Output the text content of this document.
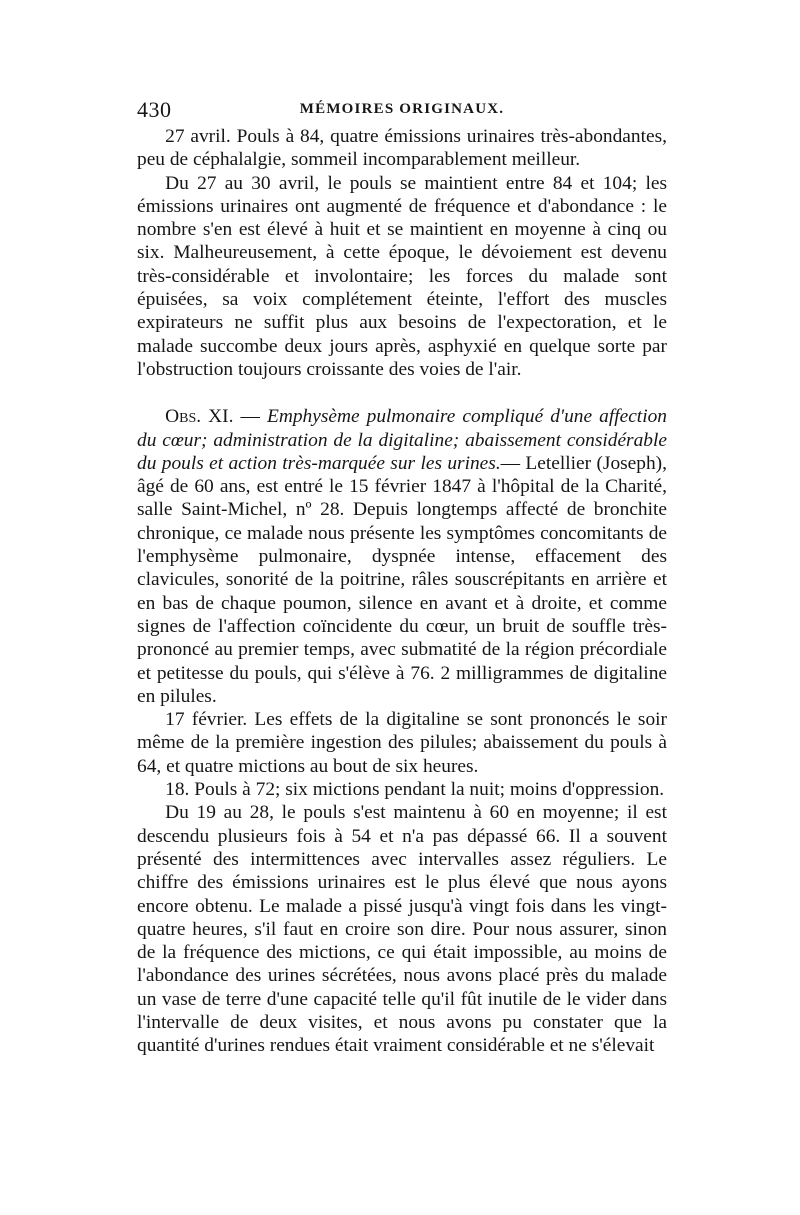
430	MÉMOIRES ORIGINAUX.

27 avril. Pouls à 84, quatre émissions urinaires très-abondantes, peu de céphalalgie, sommeil incomparablement meilleur.

Du 27 au 30 avril, le pouls se maintient entre 84 et 104; les émissions urinaires ont augmenté de fréquence et d'abondance : le nombre s'en est élevé à huit et se maintient en moyenne à cinq ou six. Malheureusement, à cette époque, le dévoiement est devenu très-considérable et involontaire; les forces du malade sont épuisées, sa voix complétement éteinte, l'effort des muscles expirateurs ne suffit plus aux besoins de l'expectoration, et le malade succombe deux jours après, asphyxié en quelque sorte par l'obstruction toujours croissante des voies de l'air.

Obs. XI. — Emphysème pulmonaire compliqué d'une affection du cœur; administration de la digitaline; abaissement considérable du pouls et action très-marquée sur les urines.— Letellier (Joseph), âgé de 60 ans, est entré le 15 février 1847 à l'hôpital de la Charité, salle Saint-Michel, nº 28. Depuis longtemps affecté de bronchite chronique, ce malade nous présente les symptômes concomitants de l'emphysème pulmonaire, dyspnée intense, effacement des clavicules, sonorité de la poitrine, râles souscrépitants en arrière et en bas de chaque poumon, silence en avant et à droite, et comme signes de l'affection coïncidente du cœur, un bruit de souffle très-prononcé au premier temps, avec submatité de la région précordiale et petitesse du pouls, qui s'élève à 76. 2 milligrammes de digitaline en pilules.

17 février. Les effets de la digitaline se sont prononcés le soir même de la première ingestion des pilules; abaissement du pouls à 64, et quatre mictions au bout de six heures.

18. Pouls à 72; six mictions pendant la nuit; moins d'oppression.

Du 19 au 28, le pouls s'est maintenu à 60 en moyenne; il est descendu plusieurs fois à 54 et n'a pas dépassé 66. Il a souvent présenté des intermittences avec intervalles assez réguliers. Le chiffre des émissions urinaires est le plus élevé que nous ayons encore obtenu. Le malade a pissé jusqu'à vingt fois dans les vingt-quatre heures, s'il faut en croire son dire. Pour nous assurer, sinon de la fréquence des mictions, ce qui était impossible, au moins de l'abondance des urines sécrétées, nous avons placé près du malade un vase de terre d'une capacité telle qu'il fût inutile de le vider dans l'intervalle de deux visites, et nous avons pu constater que la quantité d'urines rendues était vraiment considérable et ne s'élevait
